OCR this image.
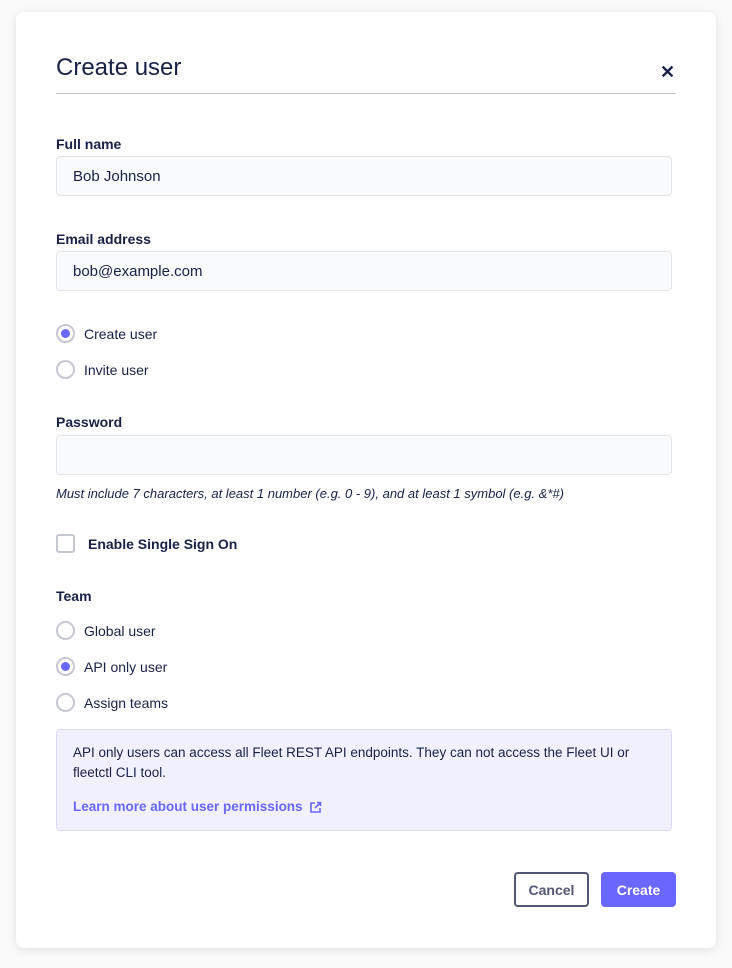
Create user	✕
Full name
Bob Johnson
Email address
bob@example.com
Create user
Invite user
Password
Must include 7 characters, at least 1 number (e.g. 0 - 9), and at least 1 symbol (e.g. &*#)
Enable Single Sign On
Team
Global user
API only user
Assign teams
API only users can access all Fleet REST API endpoints. They can not access the Fleet UI or fleetctl CLI tool.
Learn more about user permissions
Cancel	Create
